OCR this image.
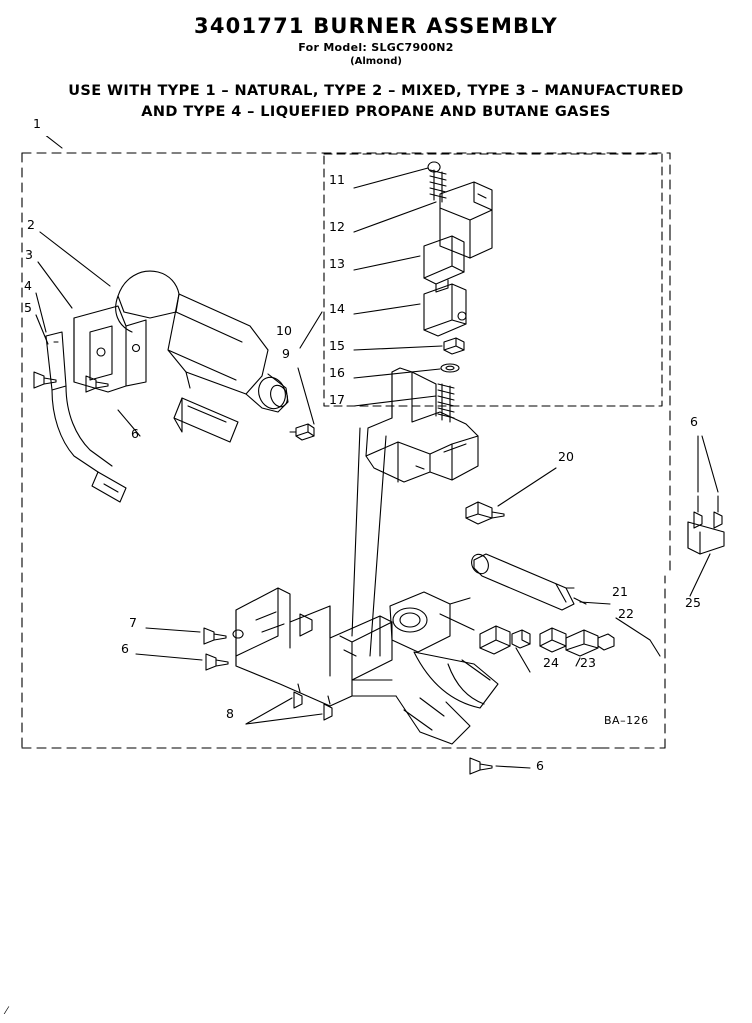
3401771 BURNER ASSEMBLY
For Model: SLGC7900N2
(Almond)
USE WITH TYPE 1 – NATURAL, TYPE 2 – MIXED, TYPE 3 – MANUFACTURED
AND TYPE 4 – LIQUEFIED PROPANE AND BUTANE GASES
1
2
3
4
5
6
7
6
8
9
10
11
12
13
14
15
16
17
20
21
22
23
24
25
6
6
BA–126
∕
